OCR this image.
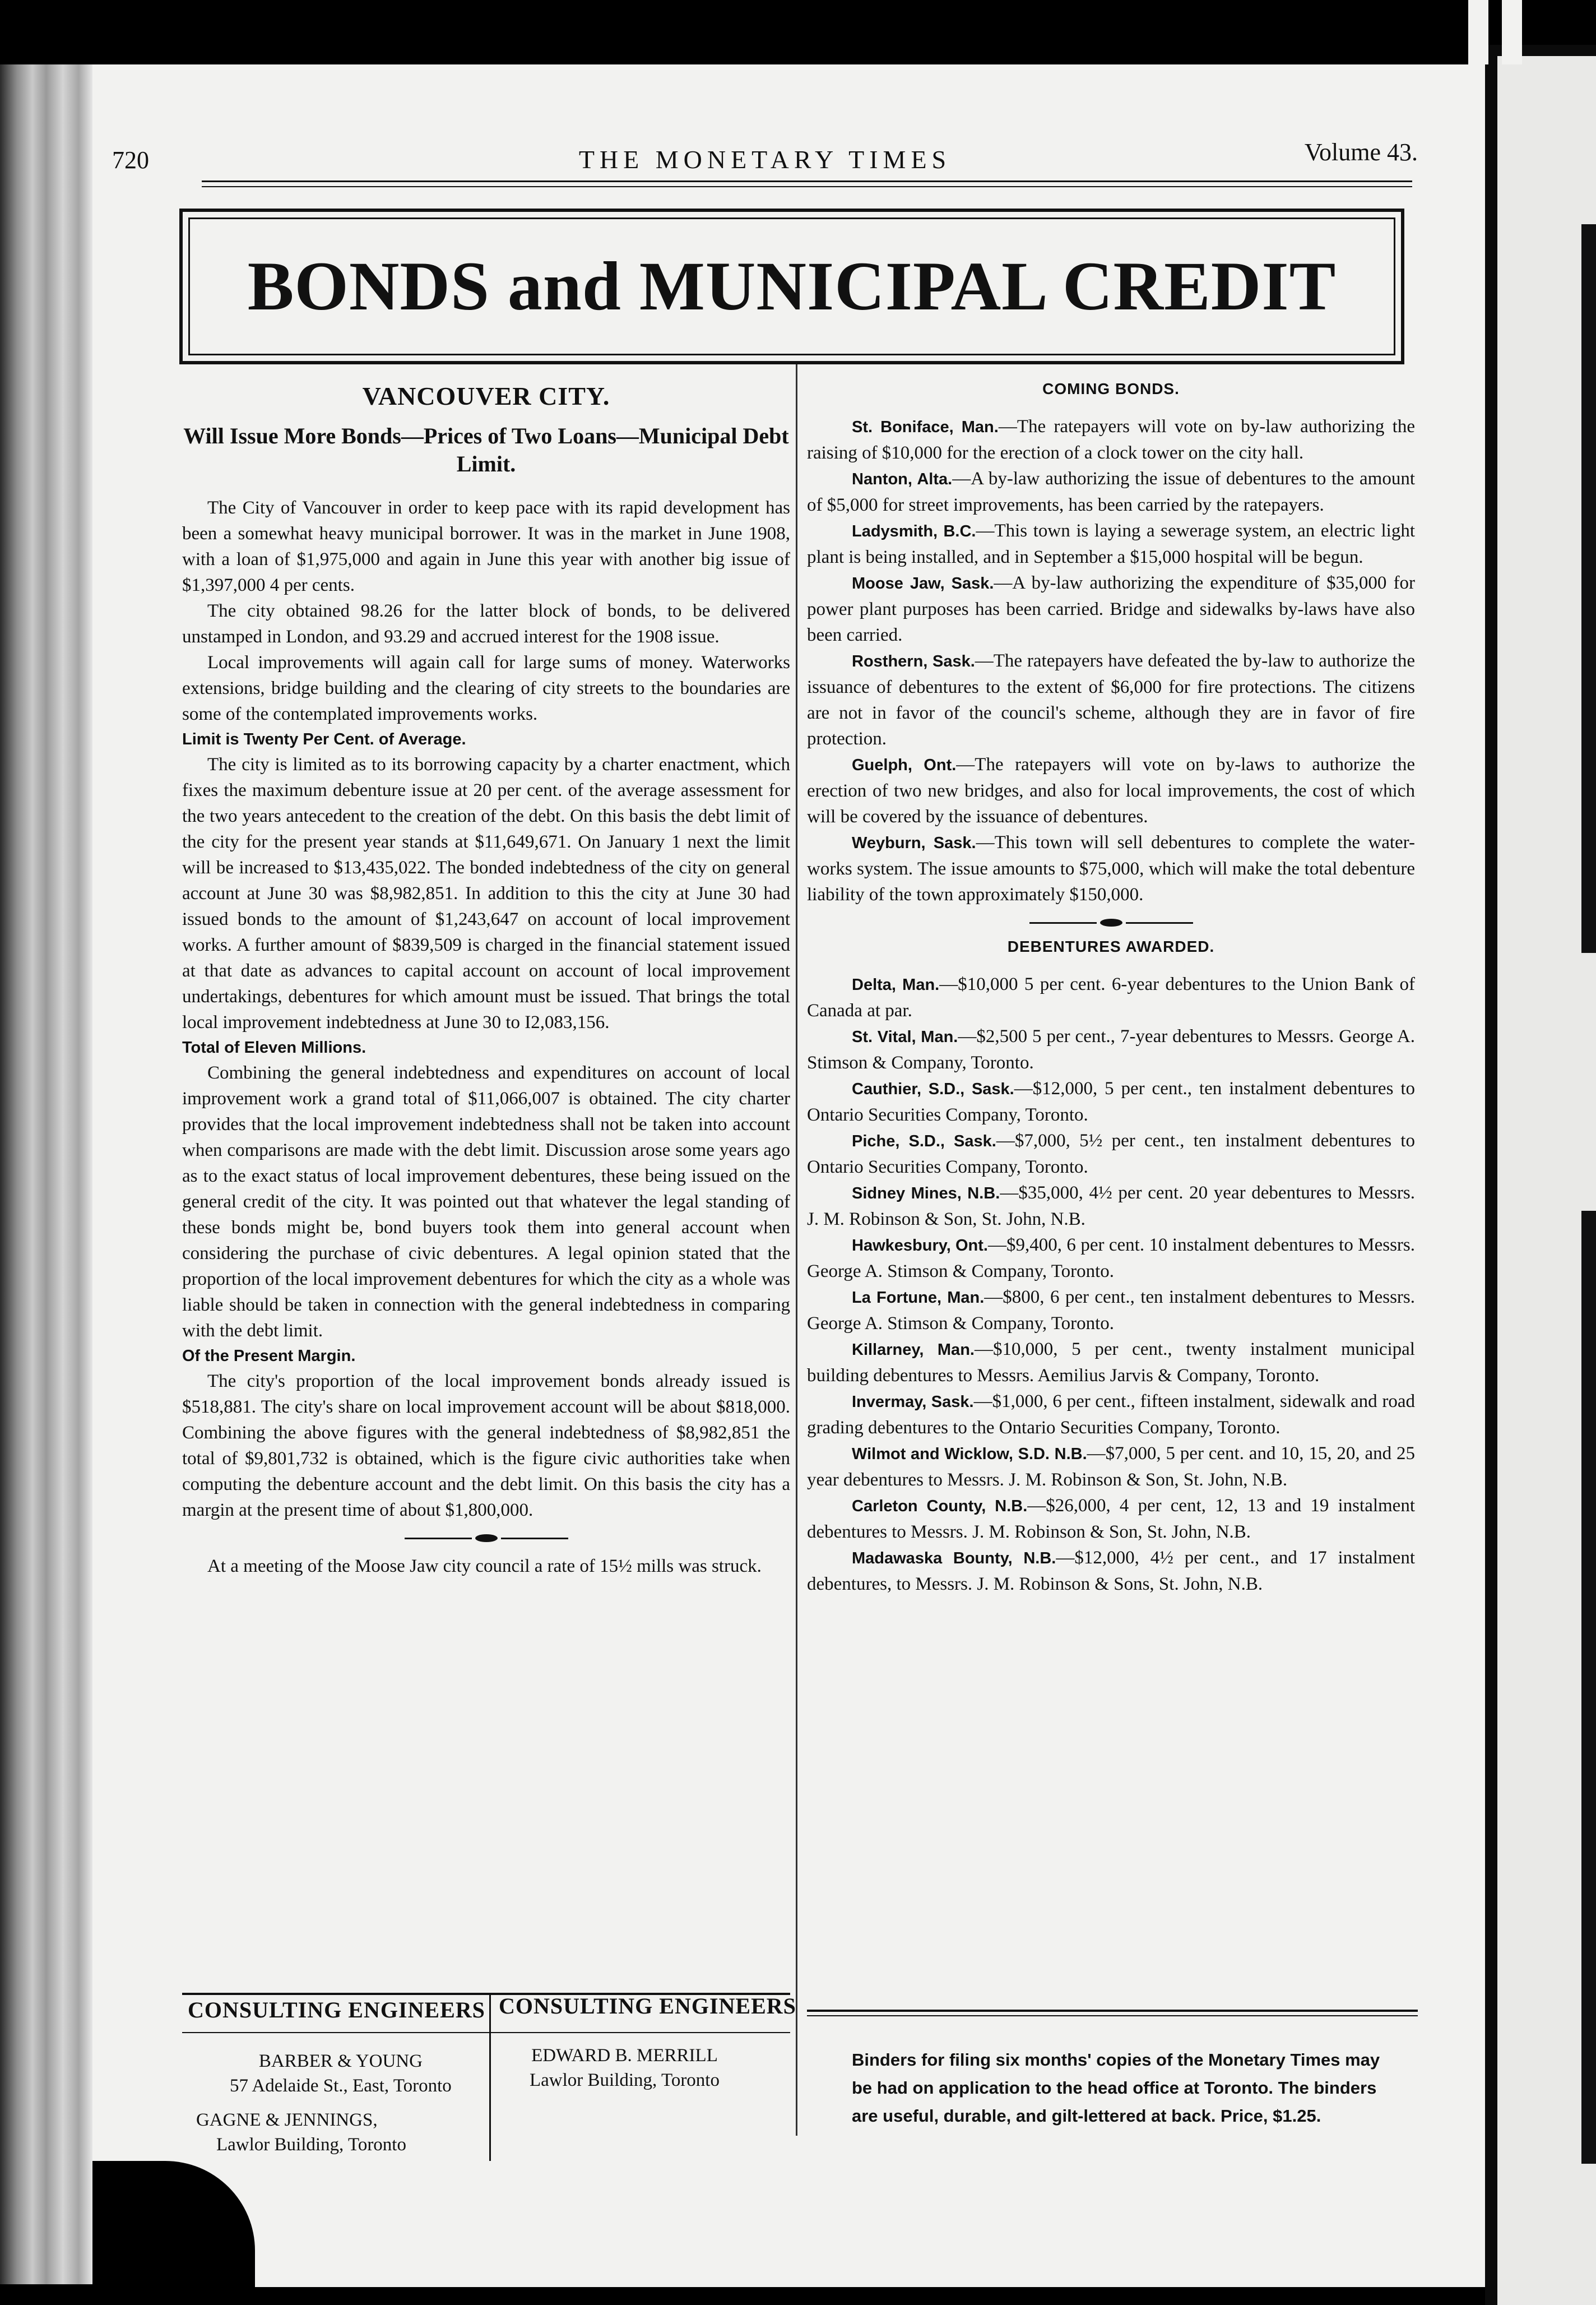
720	THE MONETARY TIMES	Volume 43.
BONDS and MUNICIPAL CREDIT
VANCOUVER CITY.
Will Issue More Bonds—Prices of Two Loans—Municipal Debt Limit.

The City of Vancouver in order to keep pace with its rapid development has been a somewhat heavy municipal borrower. It was in the market in June 1908, with a loan of $1,975,000 and again in June this year with another big issue of $1,397,000 4 per cents.

The city obtained 98.26 for the latter block of bonds, to be delivered unstamped in London, and 93.29 and accrued interest for the 1908 issue.

Local improvements will again call for large sums of money. Waterworks extensions, bridge building and the clearing of city streets to the boundaries are some of the contemplated improvements works.

Limit is Twenty Per Cent. of Average.

The city is limited as to its borrowing capacity by a charter enactment, which fixes the maximum debenture issue at 20 per cent. of the average assessment for the two years antecedent to the creation of the debt. On this basis the debt limit of the city for the present year stands at $11,649,671. On January 1 next the limit will be increased to $13,435,022. The bonded indebtedness of the city on general account at June 30 was $8,982,851. In addition to this the city at June 30 had issued bonds to the amount of $1,243,647 on account of local improvement works. A further amount of $839,509 is charged in the financial statement issued at that date as advances to capital account on account of local improvement undertakings, debentures for which amount must be issued. That brings the total local improvement indebtedness at June 30 to I2,083,156.

Total of Eleven Millions.

Combining the general indebtedness and expenditures on account of local improvement work a grand total of $11,066,007 is obtained. The city charter provides that the local improvement indebtedness shall not be taken into account when comparisons are made with the debt limit. Discussion arose some years ago as to the exact status of local improvement debentures, these being issued on the general credit of the city. It was pointed out that whatever the legal standing of these bonds might be, bond buyers took them into general account when considering the purchase of civic debentures. A legal opinion stated that the proportion of the local improvement debentures for which the city as a whole was liable should be taken in connection with the general indebtedness in comparing with the debt limit.

Of the Present Margin.

The city's proportion of the local improvement bonds already issued is $518,881. The city's share on local improvement account will be about $818,000. Combining the above figures with the general indebtedness of $8,982,851 the total of $9,801,732 is obtained, which is the figure civic authorities take when computing the debenture account and the debt limit. On this basis the city has a margin at the present time of about $1,800,000.

At a meeting of the Moose Jaw city council a rate of 15½ mills was struck.

COMING BONDS.

St. Boniface, Man.—The ratepayers will vote on by-law authorizing the raising of $10,000 for the erection of a clock tower on the city hall.

Nanton, Alta.—A by-law authorizing the issue of debentures to the amount of $5,000 for street improvements, has been carried by the ratepayers.

Ladysmith, B.C.—This town is laying a sewerage system, an electric light plant is being installed, and in September a $15,000 hospital will be begun.

Moose Jaw, Sask.—A by-law authorizing the expenditure of $35,000 for power plant purposes has been carried. Bridge and sidewalks by-laws have also been carried.

Rosthern, Sask.—The ratepayers have defeated the by-law to authorize the issuance of debentures to the extent of $6,000 for fire protections. The citizens are not in favor of the council's scheme, although they are in favor of fire protection.

Guelph, Ont.—The ratepayers will vote on by-laws to authorize the erection of two new bridges, and also for local improvements, the cost of which will be covered by the issuance of debentures.

Weyburn, Sask.—This town will sell debentures to complete the water-works system. The issue amounts to $75,000, which will make the total debenture liability of the town approximately $150,000.

DEBENTURES AWARDED.

Delta, Man.—$10,000 5 per cent. 6-year debentures to the Union Bank of Canada at par.

St. Vital, Man.—$2,500 5 per cent., 7-year debentures to Messrs. George A. Stimson & Company, Toronto.

Cauthier, S.D., Sask.—$12,000, 5 per cent., ten instalment debentures to Ontario Securities Company, Toronto.

Piche, S.D., Sask.—$7,000, 5½ per cent., ten instalment debentures to Ontario Securities Company, Toronto.

Sidney Mines, N.B.—$35,000, 4½ per cent. 20 year debentures to Messrs. J. M. Robinson & Son, St. John, N.B.

Hawkesbury, Ont.—$9,400, 6 per cent. 10 instalment debentures to Messrs. George A. Stimson & Company, Toronto.

La Fortune, Man.—$800, 6 per cent., ten instalment debentures to Messrs. George A. Stimson & Company, Toronto.

Killarney, Man.—$10,000, 5 per cent., twenty instalment municipal building debentures to Messrs. Aemilius Jarvis & Company, Toronto.

Invermay, Sask.—$1,000, 6 per cent., fifteen instalment, sidewalk and road grading debentures to the Ontario Securities Company, Toronto.

Wilmot and Wicklow, S.D. N.B.—$7,000, 5 per cent. and 10, 15, 20, and 25 year debentures to Messrs. J. M. Robinson & Son, St. John, N.B.

Carleton County, N.B.—$26,000, 4 per cent, 12, 13 and 19 instalment debentures to Messrs. J. M. Robinson & Son, St. John, N.B.

Madawaska Bounty, N.B.—$12,000, 4½ per cent., and 17 instalment debentures, to Messrs. J. M. Robinson & Sons, St. John, N.B.

CONSULTING ENGINEERS
BARBER & YOUNG
57 Adelaide St., East, Toronto
GAGNE & JENNINGS,
Lawlor Building, Toronto
CONSULTING ENGINEERS
EDWARD B. MERRILL
Lawlor Building, Toronto
Binders for filing six months' copies of the Monetary Times may be had on application to the head office at Toronto. The binders are useful, durable, and gilt-lettered at back. Price, $1.25.
